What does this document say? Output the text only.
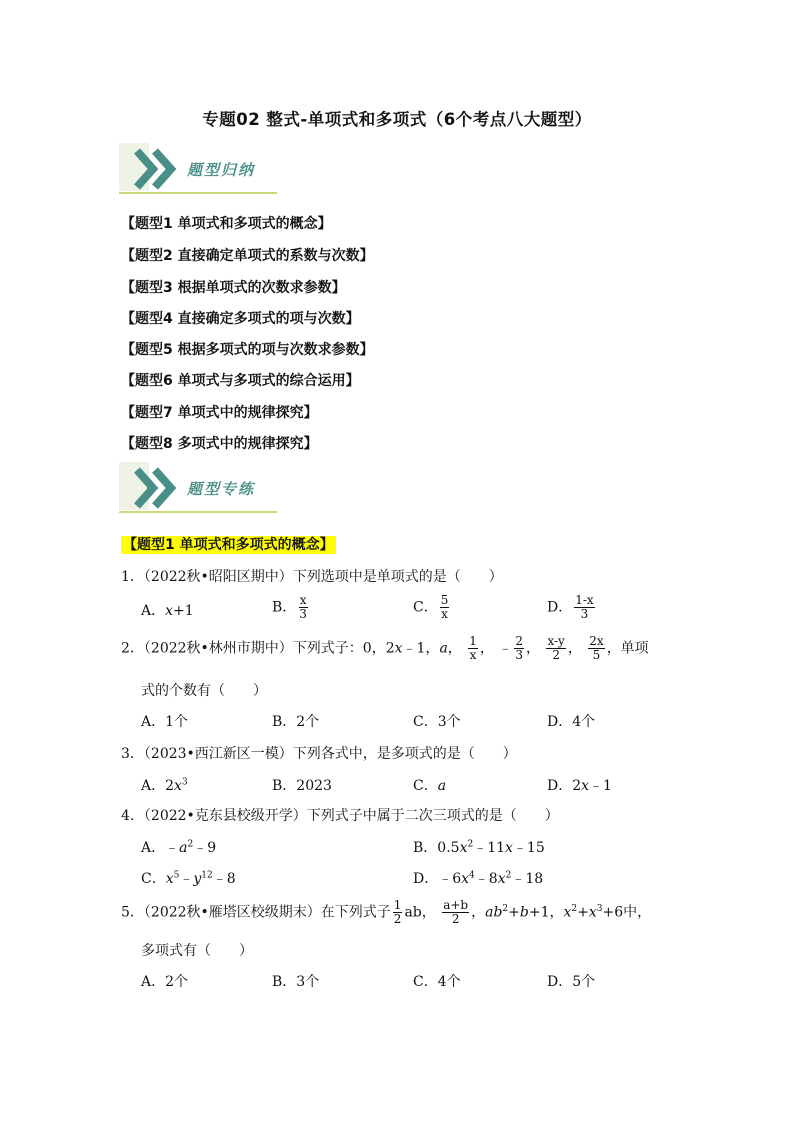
专题02 整式-单项式和多项式（6个考点八大题型）
题型归纳
【题型1 单项式和多项式的概念】
【题型2 直接确定单项式的系数与次数】
【题型3 根据单项式的次数求参数】
【题型4 直接确定多项式的项与次数】
【题型5 根据多项式的项与次数求参数】
【题型6 单项式与多项式的综合运用】
【题型7 单项式中的规律探究】
【题型8 多项式中的规律探究】
题型专练
【题型1 单项式和多项式的概念】
1．（2022秋•昭阳区期中）下列选项中是单项式的是（　　）
A．x+1	B． $\frac{x}{3}$	C． $\frac{5}{x}$	D． $\frac{1-x}{3}$
2．（2022秋•林州市期中）下列式子：0，2x﹣1，a， $\frac{1}{x}$ ， ﹣ $\frac{2}{3}$ ， $\frac{x-y}{2}$ ， $\frac{2x}{5}$ ，单项
式的个数有（　　）
A．1个	B．2个	C．3个	D．4个
3．（2023•西江新区一模）下列各式中，是多项式的是（　　）
A．$2x^3$	B．2023	C．a	D．2x﹣1
4．（2022•克东县校级开学）下列式子中属于二次三项式的是（　　）
A．$﹣a^2﹣9$	B．$0.5x^2﹣11x﹣15$
C．$x^5﹣y^{12}﹣8$	D．$﹣6x^4﹣8x^2﹣18$
5．（2022秋•雁塔区校级期末）在下列式子 $\frac{1}{2}$ ab， $\frac{a+b}{2}$ ，$ab^2+b+1$，$x^2+x^3+6$中，
多项式有（　　）
A．2个	B．3个	C．4个	D．5个
